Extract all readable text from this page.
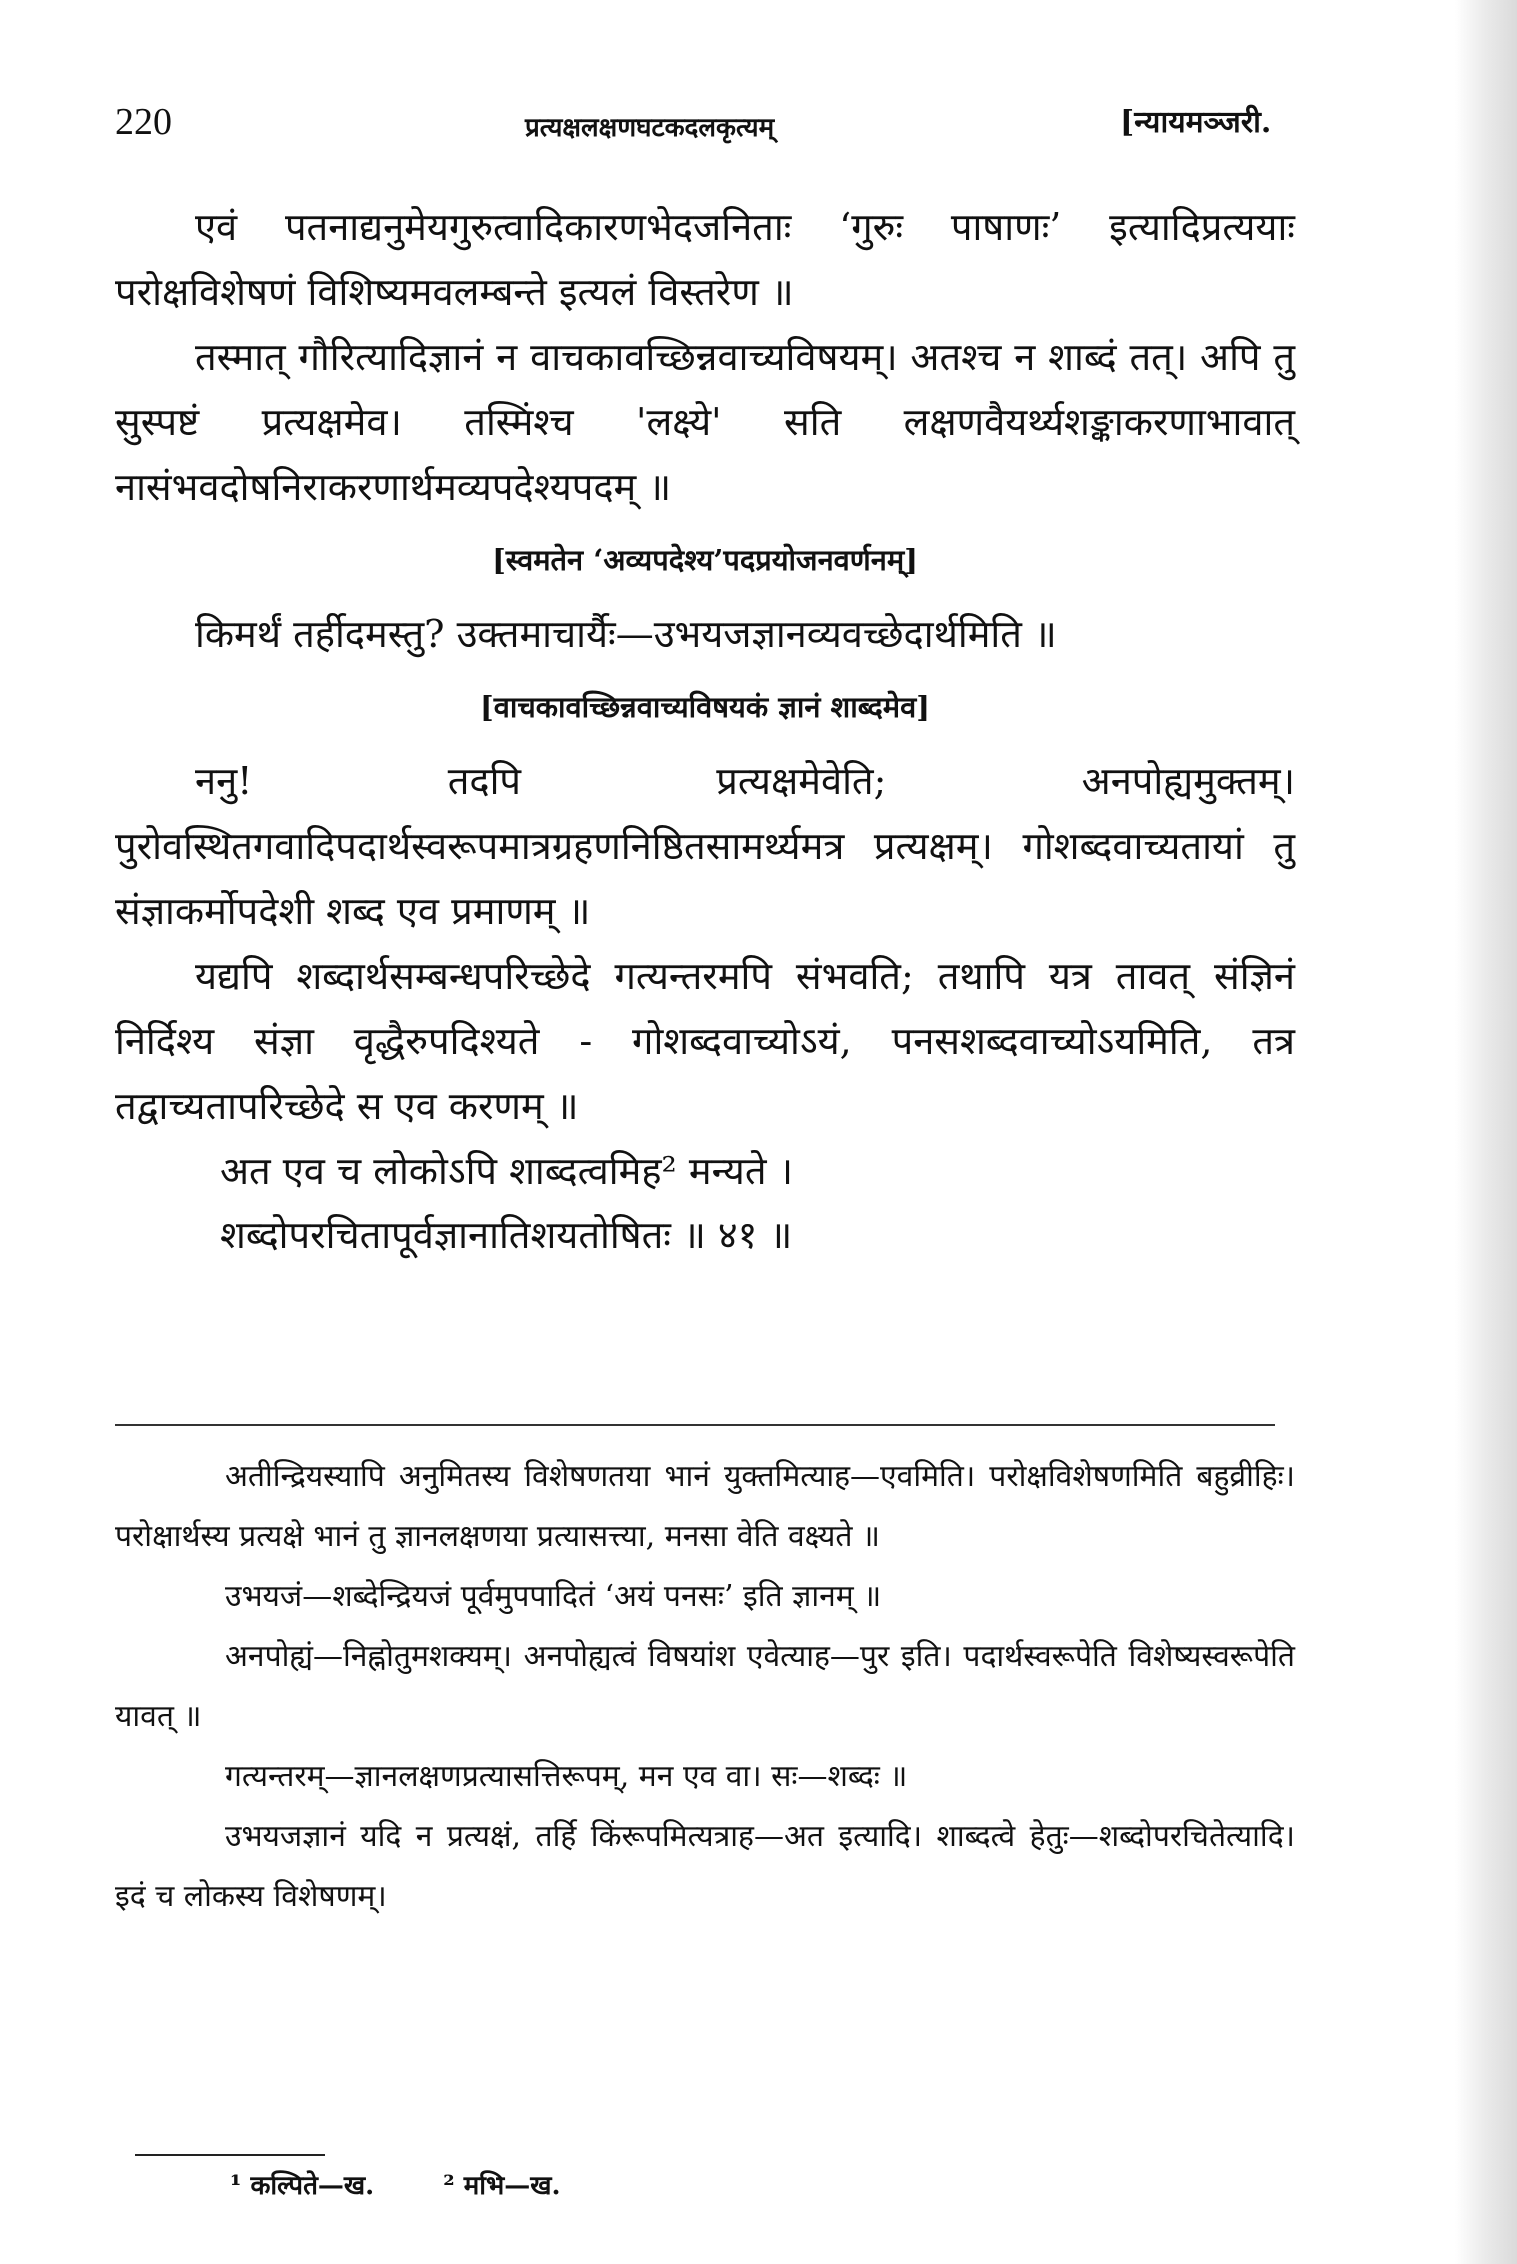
220	प्रत्यक्षलक्षणघटकदलकृत्यम्	[न्यायमञ्जरी.

एवं पतनाद्यनुमेयगुरुत्वादिकारणभेदजनिताः ‘गुरुः पाषाणः’ इत्यादिप्रत्ययाः परोक्षविशेषणं विशिष्यमवलम्बन्ते इत्यलं विस्तरेण ॥

तस्मात् गौरित्यादिज्ञानं न वाचकावच्छिन्नवाच्यविषयम्। अतश्च न शाब्दं तत्। अपि तु सुस्पष्टं प्रत्यक्षमेव। तस्मिंश्च 'लक्ष्ये' सति लक्षणवैयर्थ्यशङ्काकरणाभावात् नासंभवदोषनिराकरणार्थमव्यपदेश्यपदम् ॥

[स्वमतेन ‘अव्यपदेश्य’पदप्रयोजनवर्णनम्]

किमर्थं तर्हीदमस्तु? उक्तमाचार्यैः—उभयजज्ञानव्यवच्छेदार्थमिति ॥

[वाचकावच्छिन्नवाच्यविषयकं ज्ञानं शाब्दमेव]

ननु! तदपि प्रत्यक्षमेवेति; अनपोह्यमुक्तम्। पुरोवस्थितगवादिपदार्थस्वरूपमात्रग्रहणनिष्ठितसामर्थ्यमत्र प्रत्यक्षम्। गोशब्दवाच्यतायां तु संज्ञाकर्मोपदेशी शब्द एव प्रमाणम् ॥

यद्यपि शब्दार्थसम्बन्धपरिच्छेदे गत्यन्तरमपि संभवति; तथापि यत्र तावत् संज्ञिनं निर्दिश्य संज्ञा वृद्धैरुपदिश्यते - गोशब्दवाच्योऽयं, पनसशब्दवाच्योऽयमिति, तत्र तद्वाच्यतापरिच्छेदे स एव करणम् ॥

अत एव च लोकोऽपि शाब्दत्वमिह² मन्यते ।

शब्दोपरचितापूर्वज्ञानातिशयतोषितः ॥ ४१ ॥

अतीन्द्रियस्यापि अनुमितस्य विशेषणतया भानं युक्तमित्याह—एवमिति। परोक्षविशेषणमिति बहुव्रीहिः। परोक्षार्थस्य प्रत्यक्षे भानं तु ज्ञानलक्षणया प्रत्यासत्त्या, मनसा वेति वक्ष्यते ॥

उभयजं—शब्देन्द्रियजं पूर्वमुपपादितं ‘अयं पनसः’ इति ज्ञानम् ॥

अनपोह्यं—निह्नोतुमशक्यम्। अनपोह्यत्वं विषयांश एवेत्याह—पुर इति। पदार्थस्वरूपेति विशेष्यस्वरूपेति यावत् ॥

गत्यन्तरम्—ज्ञानलक्षणप्रत्यासत्तिरूपम्, मन एव वा। सः—शब्दः ॥

उभयजज्ञानं यदि न प्रत्यक्षं, तर्हि किंरूपमित्यत्राह—अत इत्यादि। शाब्दत्वे हेतुः—शब्दोपरचितेत्यादि। इदं च लोकस्य विशेषणम्।

¹ कल्पिते—ख.	² मभि—ख.
